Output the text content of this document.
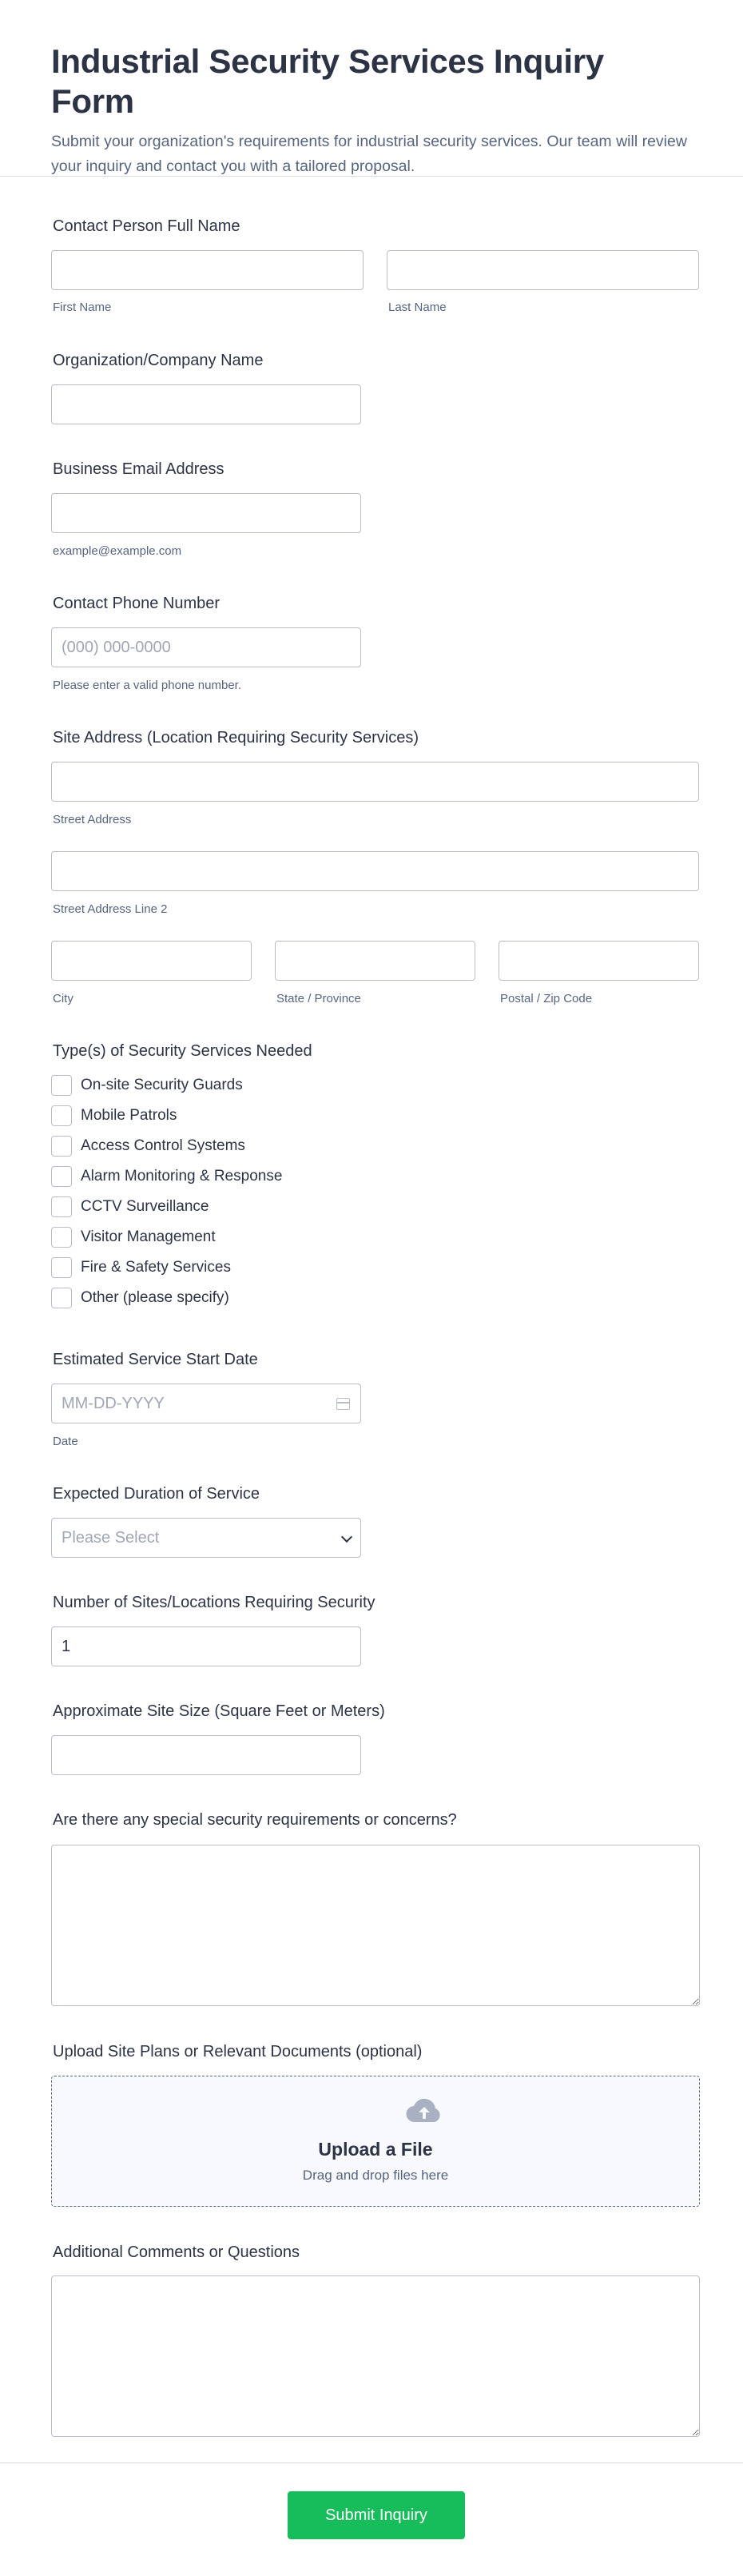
Industrial Security Services Inquiry Form

Submit your organization's requirements for industrial security services. Our team will review your inquiry and contact you with a tailored proposal.

Contact Person Full Name
First Name	Last Name
Organization/Company Name
Business Email Address
example@example.com
Contact Phone Number
(000) 000-0000
Please enter a valid phone number.
Site Address (Location Requiring Security Services)
Street Address
Street Address Line 2
City	State / Province	Postal / Zip Code
Type(s) of Security Services Needed
On-site Security Guards
Mobile Patrols
Access Control Systems
Alarm Monitoring & Response
CCTV Surveillance
Visitor Management
Fire & Safety Services
Other (please specify)
Estimated Service Start Date
MM-DD-YYYY
Date
Expected Duration of Service
Please Select
Number of Sites/Locations Requiring Security
1
Approximate Site Size (Square Feet or Meters)
Are there any special security requirements or concerns?
Upload Site Plans or Relevant Documents (optional)
Upload a File
Drag and drop files here
Additional Comments or Questions
Submit Inquiry
